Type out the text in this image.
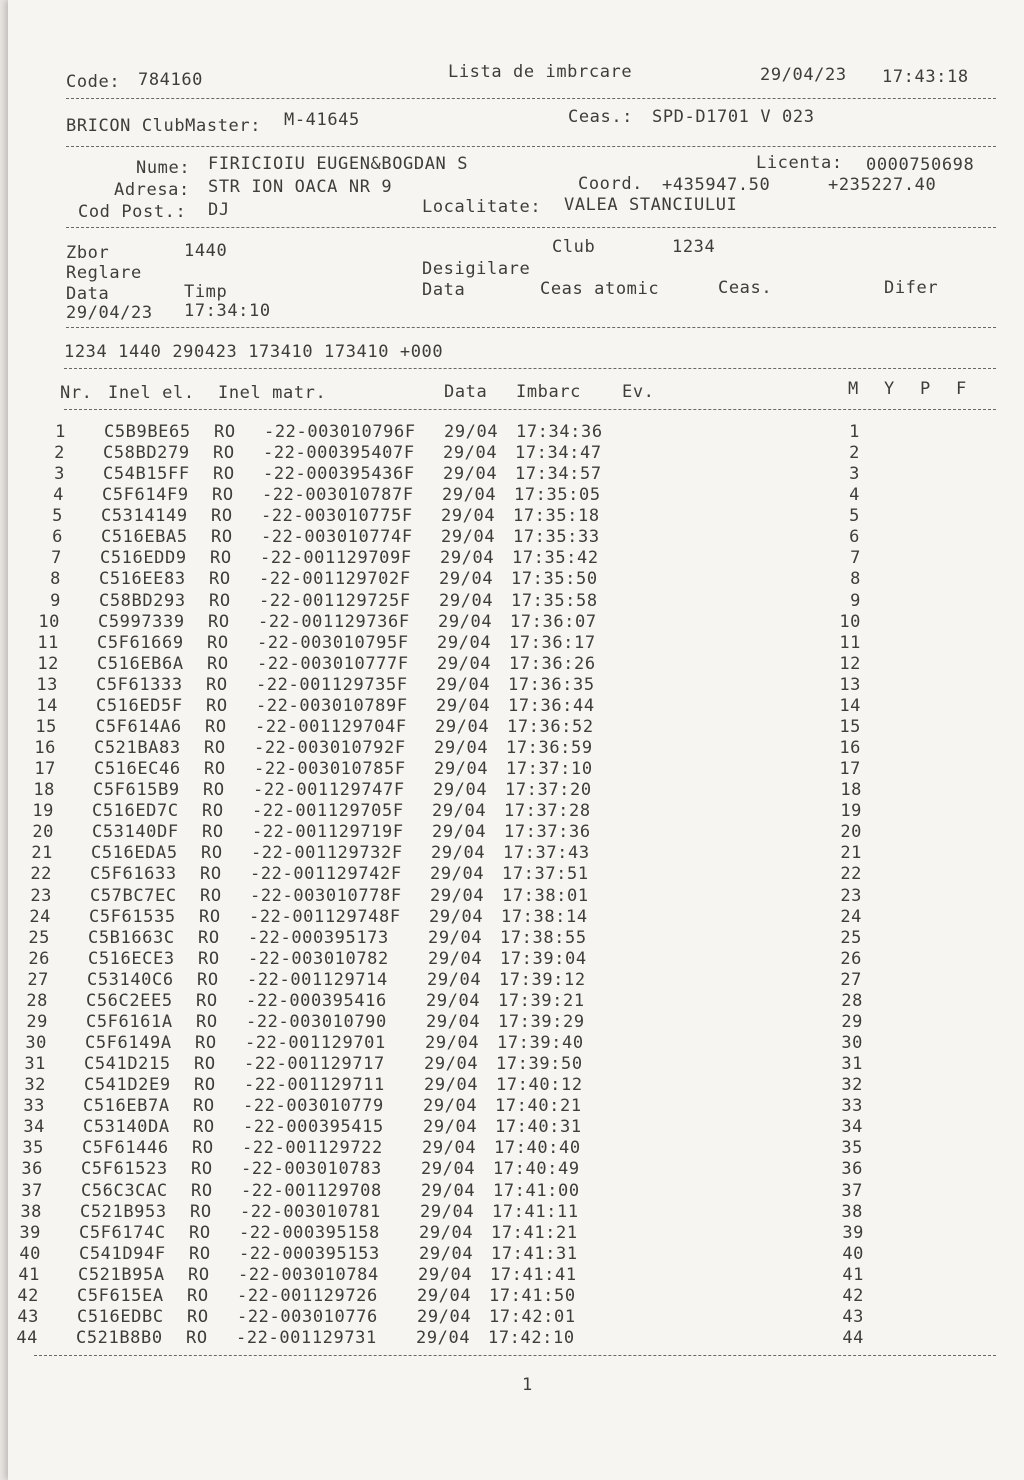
Code: 784160	Lista de imbrcare	29/04/23 17:43:18
BRICON ClubMaster: M-41645	Ceas.: SPD-D1701 V 023
Nume: FIRICIOIU EUGEN&BOGDAN S	Licenta: 0000750698
Adresa: STR ION OACA NR 9	Coord. +435947.50	+235227.40
Cod Post.: DJ	Localitate: VALEA STANCIULUI
Zbor	1440	Club	1234
Reglare	Desigilare
Data	Timp	Data	Ceas atomic	Ceas.	Difer
29/04/23 17:34:10
1234 1440 290423 173410 173410 +000
Nr. Inel el. Inel matr.	Data Imbarc Ev.	M Y P F
1 C5B9BE65 RO -22-003010796F 29/04 17:34:36	1
2 C58BD279 RO -22-000395407F 29/04 17:34:47	2
3 C54B15FF RO -22-000395436F 29/04 17:34:57	3
4 C5F614F9 RO -22-003010787F 29/04 17:35:05	4
5 C5314149 RO -22-003010775F 29/04 17:35:18	5
6 C516EBA5 RO -22-003010774F 29/04 17:35:33	6
7 C516EDD9 RO -22-001129709F 29/04 17:35:42	7
8 C516EE83 RO -22-001129702F 29/04 17:35:50	8
9 C58BD293 RO -22-001129725F 29/04 17:35:58	9
10 C5997339 RO -22-001129736F 29/04 17:36:07	10
11 C5F61669 RO -22-003010795F 29/04 17:36:17	11
12 C516EB6A RO -22-003010777F 29/04 17:36:26	12
13 C5F61333 RO -22-001129735F 29/04 17:36:35	13
14 C516ED5F RO -22-003010789F 29/04 17:36:44	14
15 C5F614A6 RO -22-001129704F 29/04 17:36:52	15
16 C521BA83 RO -22-003010792F 29/04 17:36:59	16
17 C516EC46 RO -22-003010785F 29/04 17:37:10	17
18 C5F615B9 RO -22-001129747F 29/04 17:37:20	18
19 C516ED7C RO -22-001129705F 29/04 17:37:28	19
20 C53140DF RO -22-001129719F 29/04 17:37:36	20
21 C516EDA5 RO -22-001129732F 29/04 17:37:43	21
22 C5F61633 RO -22-001129742F 29/04 17:37:51	22
23 C57BC7EC RO -22-003010778F 29/04 17:38:01	23
24 C5F61535 RO -22-001129748F 29/04 17:38:14	24
25 C5B1663C RO -22-000395173 29/04 17:38:55	25
26 C516ECE3 RO -22-003010782 29/04 17:39:04	26
27 C53140C6 RO -22-001129714 29/04 17:39:12	27
28 C56C2EE5 RO -22-000395416 29/04 17:39:21	28
29 C5F6161A RO -22-003010790 29/04 17:39:29	29
30 C5F6149A RO -22-001129701 29/04 17:39:40	30
31 C541D215 RO -22-001129717 29/04 17:39:50	31
32 C541D2E9 RO -22-001129711 29/04 17:40:12	32
33 C516EB7A RO -22-003010779 29/04 17:40:21	33
34 C53140DA RO -22-000395415 29/04 17:40:31	34
35 C5F61446 RO -22-001129722 29/04 17:40:40	35
36 C5F61523 RO -22-003010783 29/04 17:40:49	36
37 C56C3CAC RO -22-001129708 29/04 17:41:00	37
38 C521B953 RO -22-003010781 29/04 17:41:11	38
39 C5F6174C RO -22-000395158 29/04 17:41:21	39
40 C541D94F RO -22-000395153 29/04 17:41:31	40
41 C521B95A RO -22-003010784 29/04 17:41:41	41
42 C5F615EA RO -22-001129726 29/04 17:41:50	42
43 C516EDBC RO -22-003010776 29/04 17:42:01	43
44 C521B8B0 RO -22-001129731 29/04 17:42:10	44
1
